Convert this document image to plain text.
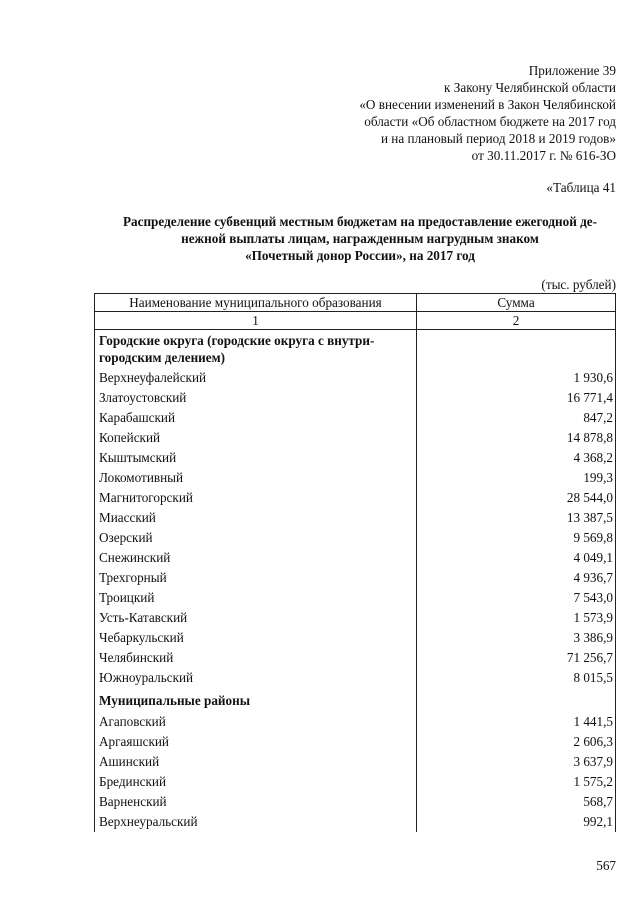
Приложение 39
к Закону Челябинской области
«О внесении изменений в Закон Челябинской
области «Об областном бюджете на 2017 год
и на плановый период 2018 и 2019 годов»
от 30.11.2017 г. № 616-ЗО
«Таблица 41
Распределение субвенций местным бюджетам на предоставление ежегодной де-
нежной выплаты лицам, награжденным нагрудным знаком
«Почетный донор России», на 2017 год
(тыс. рублей)
Наименование муниципального образования	Сумма
1	2
Городские округа (городские округа с внутри-городским делением)	
Верхнеуфалейский	1 930,6
Златоустовский	16 771,4
Карабашский	847,2
Копейский	14 878,8
Кыштымский	4 368,2
Локомотивный	199,3
Магнитогорский	28 544,0
Миасский	13 387,5
Озерский	9 569,8
Снежинский	4 049,1
Трехгорный	4 936,7
Троицкий	7 543,0
Усть-Катавский	1 573,9
Чебаркульский	3 386,9
Челябинский	71 256,7
Южноуральский	8 015,5
Муниципальные районы	
Агаповский	1 441,5
Аргаяшский	2 606,3
Ашинский	3 637,9
Брединский	1 575,2
Варненский	568,7
Верхнеуральский	992,1
567
